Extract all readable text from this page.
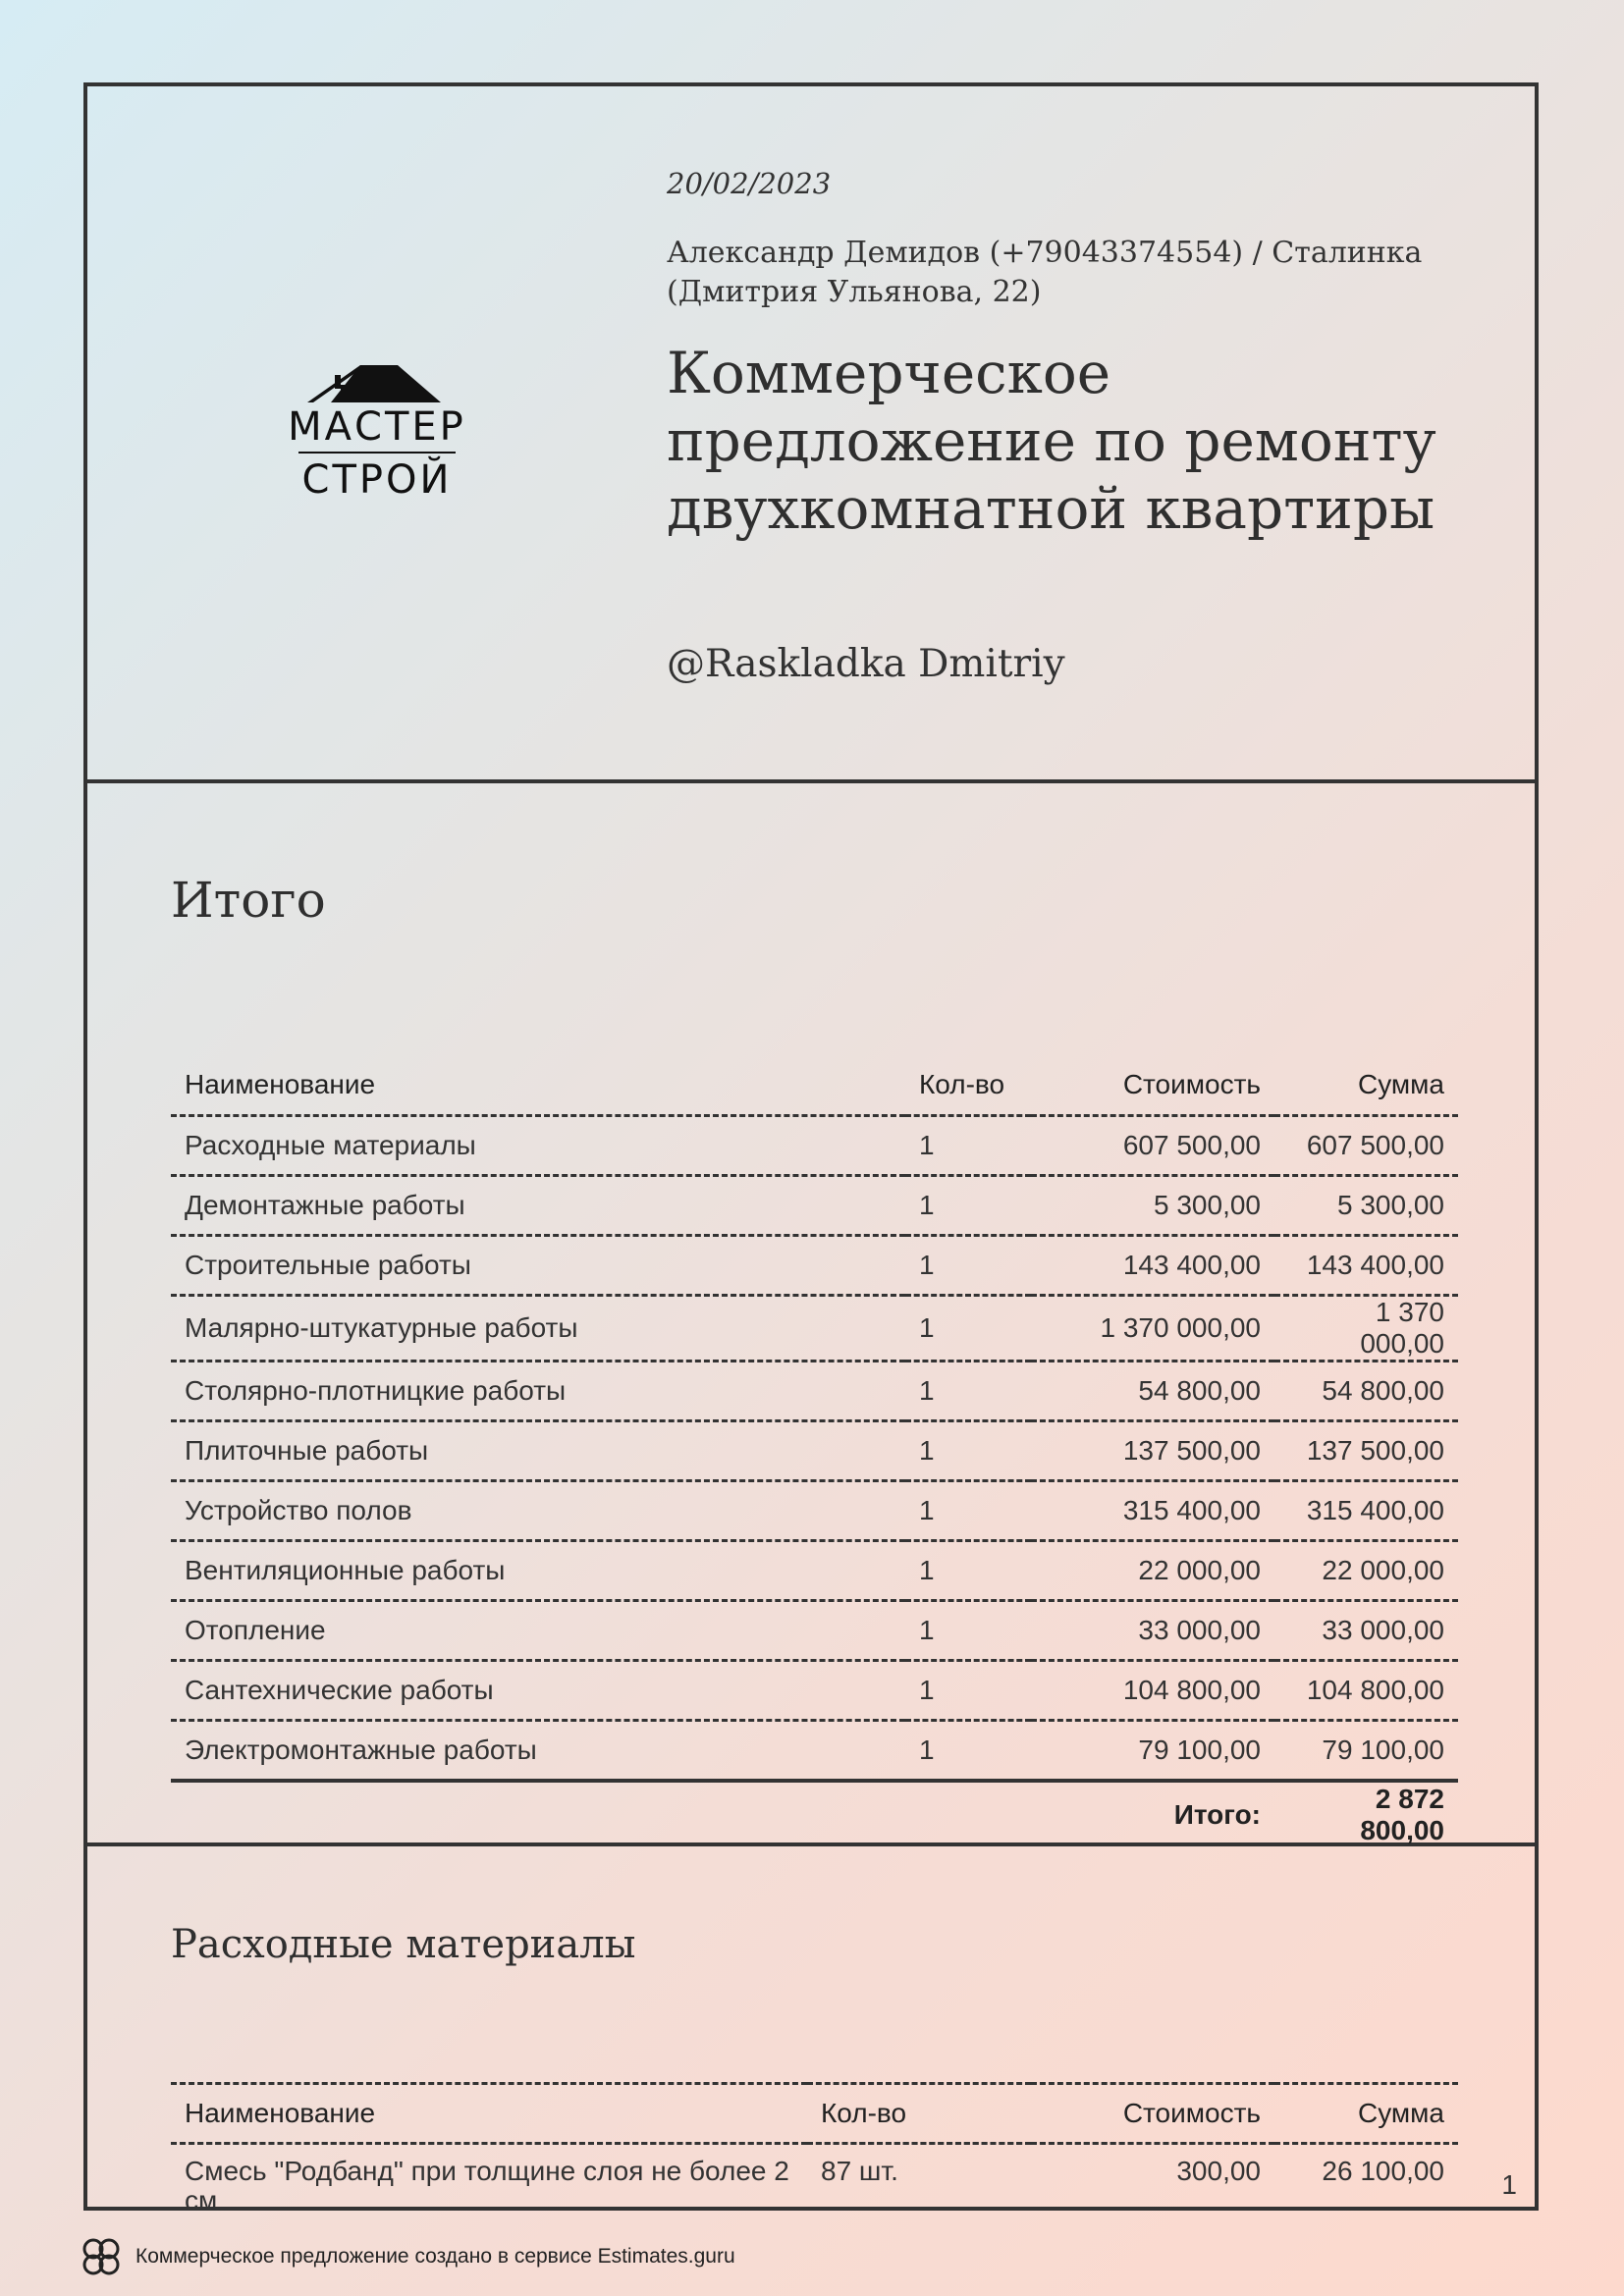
МАСТЕР
СТРОЙ
20/02/2023
Александр Демидов (+79043374554) / Сталинка (Дмитрия Ульянова, 22)
Коммерческое предложение по ремонту двухкомнатной квартиры
@Raskladka Dmitriy
Итого
Наименование	Кол-во	Стоимость	Сумма
Расходные материалы	1	607 500,00	607 500,00
Демонтажные работы	1	5 300,00	5 300,00
Строительные работы	1	143 400,00	143 400,00
Малярно-штукатурные работы	1	1 370 000,00	1 370 000,00
Столярно-плотницкие работы	1	54 800,00	54 800,00
Плиточные работы	1	137 500,00	137 500,00
Устройство полов	1	315 400,00	315 400,00
Вентиляционные работы	1	22 000,00	22 000,00
Отопление	1	33 000,00	33 000,00
Сантехнические работы	1	104 800,00	104 800,00
Электромонтажные работы	1	79 100,00	79 100,00
		Итого:	2 872 800,00
Расходные материалы
Наименование	Кол-во	Стоимость	Сумма
Смесь "Родбанд" при толщине слоя не более 2 см	87 шт.	300,00	26 100,00 1
Коммерческое предложение создано в сервисе Estimates.guru
